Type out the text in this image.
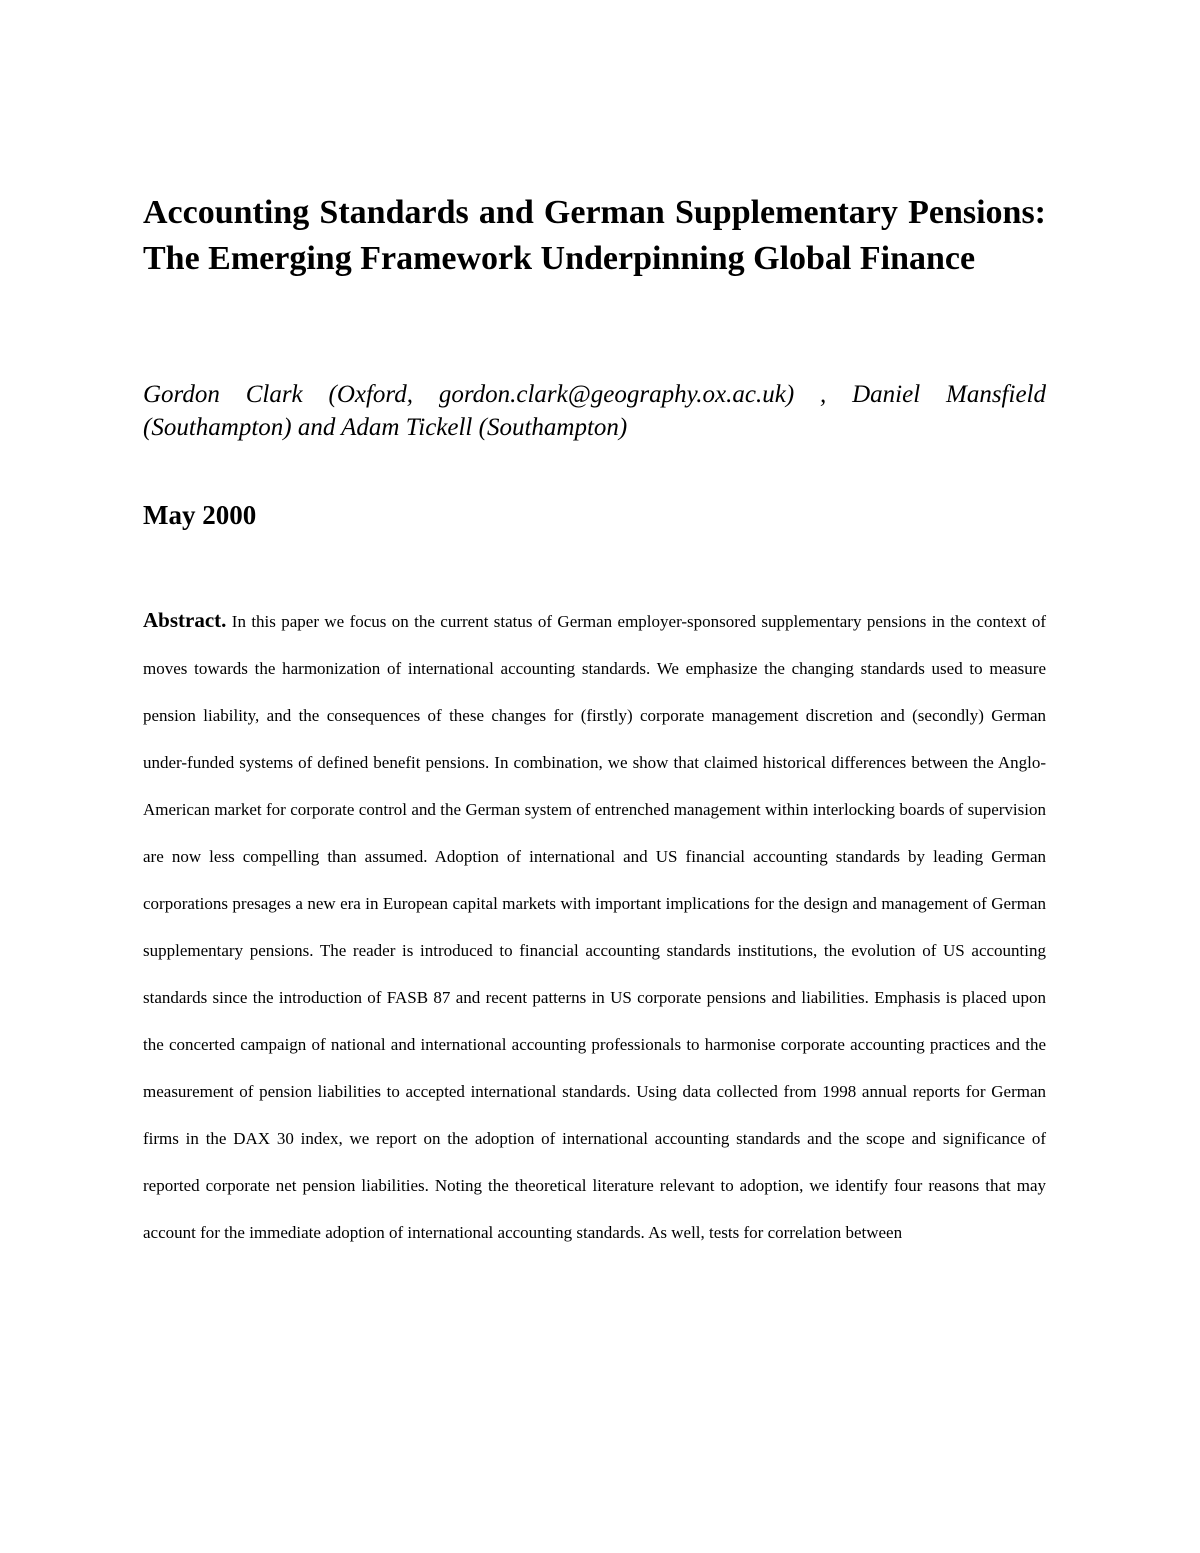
Accounting Standards and German Supplementary Pensions: The Emerging Framework Underpinning Global Finance

Gordon Clark (Oxford, gordon.clark@geography.ox.ac.uk) , Daniel Mansfield (Southampton) and Adam Tickell (Southampton)

May 2000

Abstract. In this paper we focus on the current status of German employer-sponsored supplementary pensions in the context of moves towards the harmonization of international accounting standards. We emphasize the changing standards used to measure pension liability, and the consequences of these changes for (firstly) corporate management discretion and (secondly) German under-funded systems of defined benefit pensions. In combination, we show that claimed historical differences between the Anglo-American market for corporate control and the German system of entrenched management within interlocking boards of supervision are now less compelling than assumed. Adoption of international and US financial accounting standards by leading German corporations presages a new era in European capital markets with important implications for the design and management of German supplementary pensions. The reader is introduced to financial accounting standards institutions, the evolution of US accounting standards since the introduction of FASB 87 and recent patterns in US corporate pensions and liabilities. Emphasis is placed upon the concerted campaign of national and international accounting professionals to harmonise corporate accounting practices and the measurement of pension liabilities to accepted international standards. Using data collected from 1998 annual reports for German firms in the DAX 30 index, we report on the adoption of international accounting standards and the scope and significance of reported corporate net pension liabilities. Noting the theoretical literature relevant to adoption, we identify four reasons that may account for the immediate adoption of international accounting standards. As well, tests for correlation between
